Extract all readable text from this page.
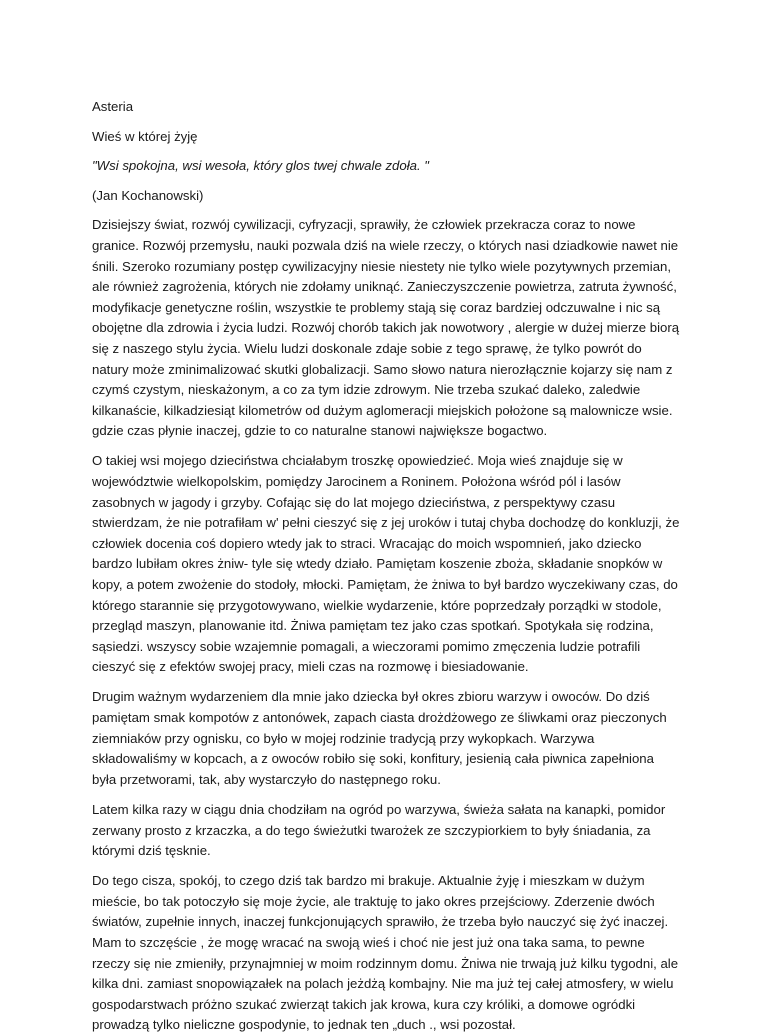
Asteria

Wieś w której żyję

"Wsi spokojna, wsi wesoła, który glos twej chwale zdoła. "

(Jan Kochanowski)

Dzisiejszy świat, rozwój cywilizacji, cyfryzacji, sprawiły, że człowiek przekracza coraz to nowe granice. Rozwój przemysłu, nauki pozwala dziś na wiele rzeczy, o których nasi dziadkowie nawet nie śnili. Szeroko rozumiany postęp cywilizacyjny niesie niestety nie tylko wiele pozytywnych przemian, ale również zagrożenia, których nie zdołamy uniknąć. Zanieczyszczenie powietrza, zatruta żywność, modyfikacje genetyczne roślin, wszystkie te problemy stają się coraz bardziej odczuwalne i nic są obojętne dla zdrowia i życia ludzi. Rozwój chorób takich jak nowotwory , alergie w dużej mierze biorą się z naszego stylu życia. Wielu ludzi doskonale zdaje sobie z tego sprawę, że tylko powrót do natury może zminimalizować skutki globalizacji. Samo słowo natura nierozłącznie kojarzy się nam z czymś czystym, nieskażonym, a co za tym idzie zdrowym. Nie trzeba szukać daleko, zaledwie kilkanaście, kilkadziesiąt kilometrów od dużym aglomeracji miejskich położone są malownicze wsie. gdzie czas płynie inaczej, gdzie to co naturalne stanowi największe bogactwo.

O takiej wsi mojego dzieciństwa chciałabym troszkę opowiedzieć. Moja wieś znajduje się w województwie wielkopolskim, pomiędzy Jarocinem a Roninem. Położona wśród pól i lasów zasobnych w jagody i grzyby. Cofając się do lat mojego dzieciństwa, z perspektywy czasu stwierdzam, że nie potrafiłam w' pełni cieszyć się z jej uroków i tutaj chyba dochodzę do konkluzji, że człowiek docenia coś dopiero wtedy jak to straci. Wracając do moich wspomnień, jako dziecko bardzo lubiłam okres żniw- tyle się wtedy działo. Pamiętam koszenie zboża, składanie snopków w kopy, a potem zwożenie do stodoły, młocki. Pamiętam, że żniwa to był bardzo wyczekiwany czas, do którego starannie się przygotowywano, wielkie wydarzenie, które poprzedzały porządki w stodole, przegląd maszyn, planowanie itd. Żniwa pamiętam tez jako czas spotkań. Spotykała się rodzina, sąsiedzi. wszyscy sobie wzajemnie pomagali, a wieczorami pomimo zmęczenia ludzie potrafili cieszyć się z efektów swojej pracy, mieli czas na rozmowę i biesiadowanie.

Drugim ważnym wydarzeniem dla mnie jako dziecka był okres zbioru warzyw i owoców. Do dziś pamiętam smak kompotów z antonówek, zapach ciasta drożdżowego ze śliwkami oraz pieczonych ziemniaków przy ognisku, co było w mojej rodzinie tradycją przy wykopkach. Warzywa składowaliśmy w kopcach, a z owoców robiło się soki, konfitury, jesienią cała piwnica zapełniona była przetworami, tak, aby wystarczyło do następnego roku.

Latem kilka razy w ciągu dnia chodziłam na ogród po warzywa, świeża sałata na kanapki, pomidor zerwany prosto z krzaczka, a do tego świeżutki twarożek ze szczypiorkiem to były śniadania, za którymi dziś tęsknie.

Do tego cisza, spokój, to czego dziś tak bardzo mi brakuje. Aktualnie żyję i mieszkam w dużym mieście, bo tak potoczyło się moje życie, ale traktuję to jako okres przejściowy. Zderzenie dwóch światów, zupełnie innych, inaczej funkcjonujących sprawiło, że trzeba było nauczyć się żyć inaczej. Mam to szczęście , że mogę wracać na swoją wieś i choć nie jest już ona taka sama, to pewne rzeczy się nie zmieniły, przynajmniej w moim rodzinnym domu. Żniwa nie trwają już kilku tygodni, ale kilka dni. zamiast snopowiązałek na polach jeżdżą kombajny. Nie ma już tej całej atmosfery, w wielu gospodarstwach próżno szukać zwierząt takich jak krowa, kura czy króliki, a domowe ogródki prowadzą tylko nieliczne gospodynie, to jednak ten „duch ., wsi pozostał.
